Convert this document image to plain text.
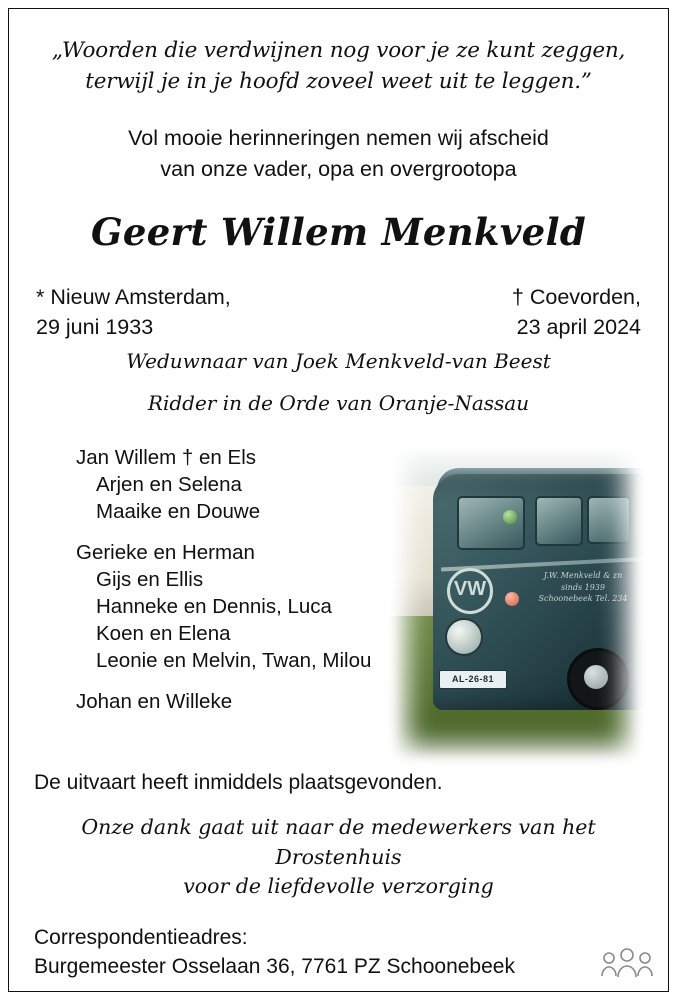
„Woorden die verdwijnen nog voor je ze kunt zeggen,
terwijl je in je hoofd zoveel weet uit te leggen.”
Vol mooie herinneringen nemen wij afscheid
van onze vader, opa en overgrootopa
Geert Willem Menkveld
* Nieuw Amsterdam,
29 juni 1933
† Coevorden,
23 april 2024
Weduwnaar van Joek Menkveld-van Beest
Ridder in de Orde van Oranje-Nassau
Jan Willem † en Els
Arjen en Selena
Maaike en Douwe
Gerieke en Herman
Gijs en Ellis
Hanneke en Dennis, Luca
Koen en Elena
Leonie en Melvin, Twan, Milou
Johan en Willeke
VW
J.W. Menkveld & zn sinds 1939 Schoonebeek Tel. 234
AL-26-81
De uitvaart heeft inmiddels plaatsgevonden.
Onze dank gaat uit naar de medewerkers van het Drostenhuis
voor de liefdevolle verzorging
Correspondentieadres:
Burgemeester Osselaan 36, 7761 PZ Schoonebeek
